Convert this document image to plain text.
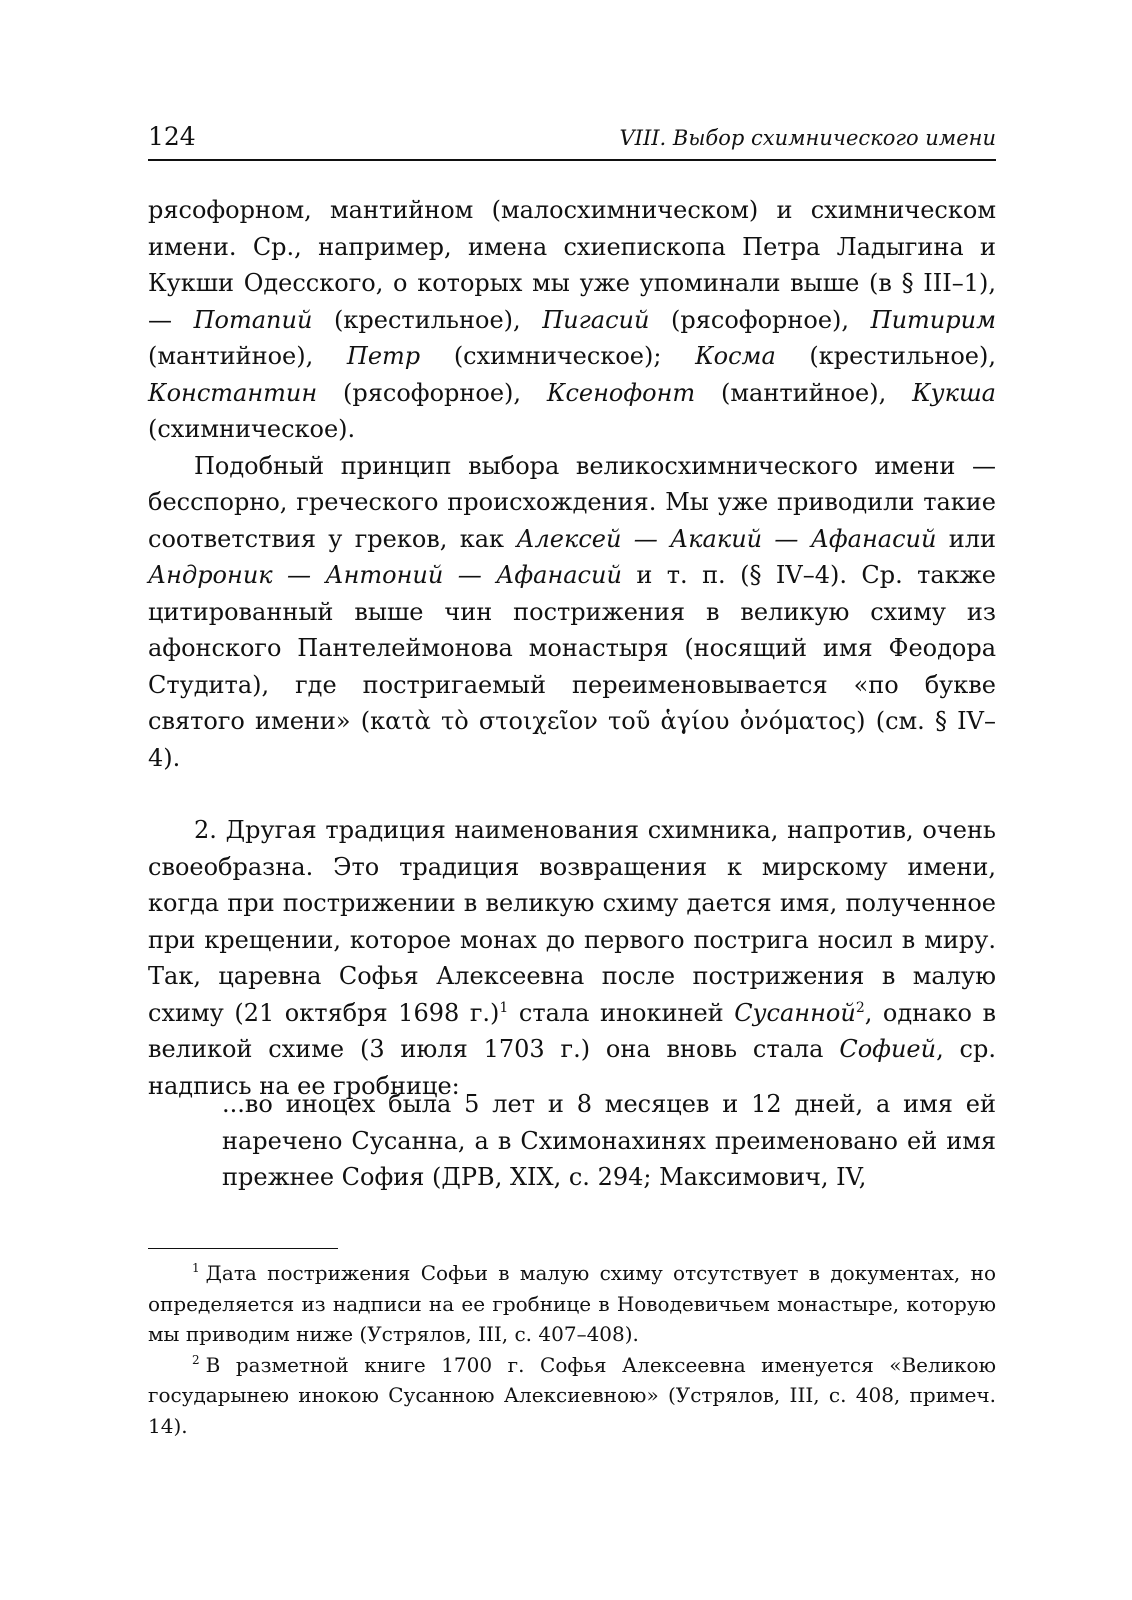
124	VIII. Выбор схимнического имени

рясофорном, мантийном (малосхимническом) и схимническом имени. Ср., например, имена схиепископа Петра Ладыгина и Кукши Одесского, о которых мы уже упоминали выше (в § III–1), — Потапий (крестильное), Пигасий (рясофорное), Питирим (мантийное), Петр (схимническое); Косма (крестильное), Константин (рясофорное), Ксенофонт (мантийное), Кукша (схимническое).

Подобный принцип выбора великосхимнического имени — бесспорно, греческого происхождения. Мы уже приводили такие соответствия у греков, как Алексей — Акакий — Афанасий или Андроник — Антоний — Афанасий и т. п. (§ IV–4). Ср. также цитированный выше чин пострижения в великую схиму из афонского Пантелеймонова монастыря (носящий имя Феодора Студита), где постригаемый переименовывается «по букве святого имени» (κατὰ τὸ στοιχεῖον τοῦ ἁγίου ὀνόματος) (см. § IV–4).

2. Другая традиция наименования схимника, напротив, очень своеобразна. Это традиция возвращения к мирскому имени, когда при пострижении в великую схиму дается имя, полученное при крещении, которое монах до первого пострига носил в миру. Так, царевна Софья Алексеевна после пострижения в малую схиму (21 октября 1698 г.)$^1$ стала инокиней Сусанной$^2$, однако в великой схиме (3 июля 1703 г.) она вновь стала Софией, ср. надпись на ее гробнице:

...во иноцех была 5 лет и 8 месяцев и 12 дней, а имя ей наречено Сусанна, а в Схимонахинях преименовано ей имя прежнее София (ДРВ, XIX, с. 294; Максимович, IV,

$^1$ Дата пострижения Софьи в малую схиму отсутствует в документах, но определяется из надписи на ее гробнице в Новодевичьем монастыре, которую мы приводим ниже (Устрялов, III, с. 407–408).

$^2$ В разметной книге 1700 г. Софья Алексеевна именуется «Великою государынею инокою Сусанною Алексиевною» (Устрялов, III, с. 408, примеч. 14).
